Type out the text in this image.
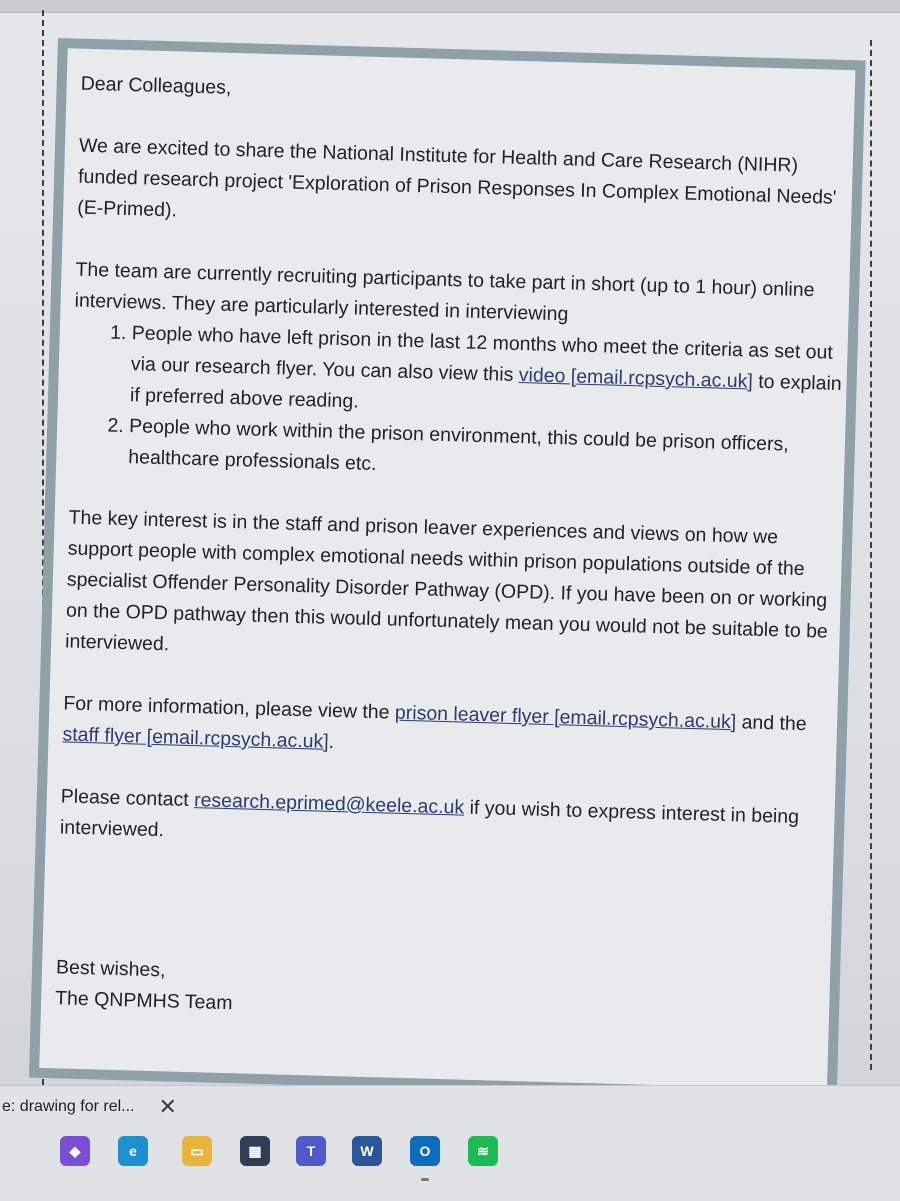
Dear Colleagues,

We are excited to share the National Institute for Health and Care Research (NIHR) funded research project 'Exploration of Prison Responses In Complex Emotional Needs' (E-Primed).

The team are currently recruiting participants to take part in short (up to 1 hour) online interviews. They are particularly interested in interviewing

1. People who have left prison in the last 12 months who meet the criteria as set out via our research flyer. You can also view this video [email.rcpsych.ac.uk] to explain if preferred above reading.
2. People who work within the prison environment, this could be prison officers, healthcare professionals etc.

The key interest is in the staff and prison leaver experiences and views on how we support people with complex emotional needs within prison populations outside of the specialist Offender Personality Disorder Pathway (OPD). If you have been on or working on the OPD pathway then this would unfortunately mean you would not be suitable to be interviewed.

For more information, please view the prison leaver flyer [email.rcpsych.ac.uk] and the staff flyer [email.rcpsych.ac.uk].

Please contact research.eprimed@keele.ac.uk if you wish to express interest in being interviewed.

Best wishes,

The QNPMHS Team

e: drawing for rel... ✕
◆	e	▭	▦	T	W	O	≋
